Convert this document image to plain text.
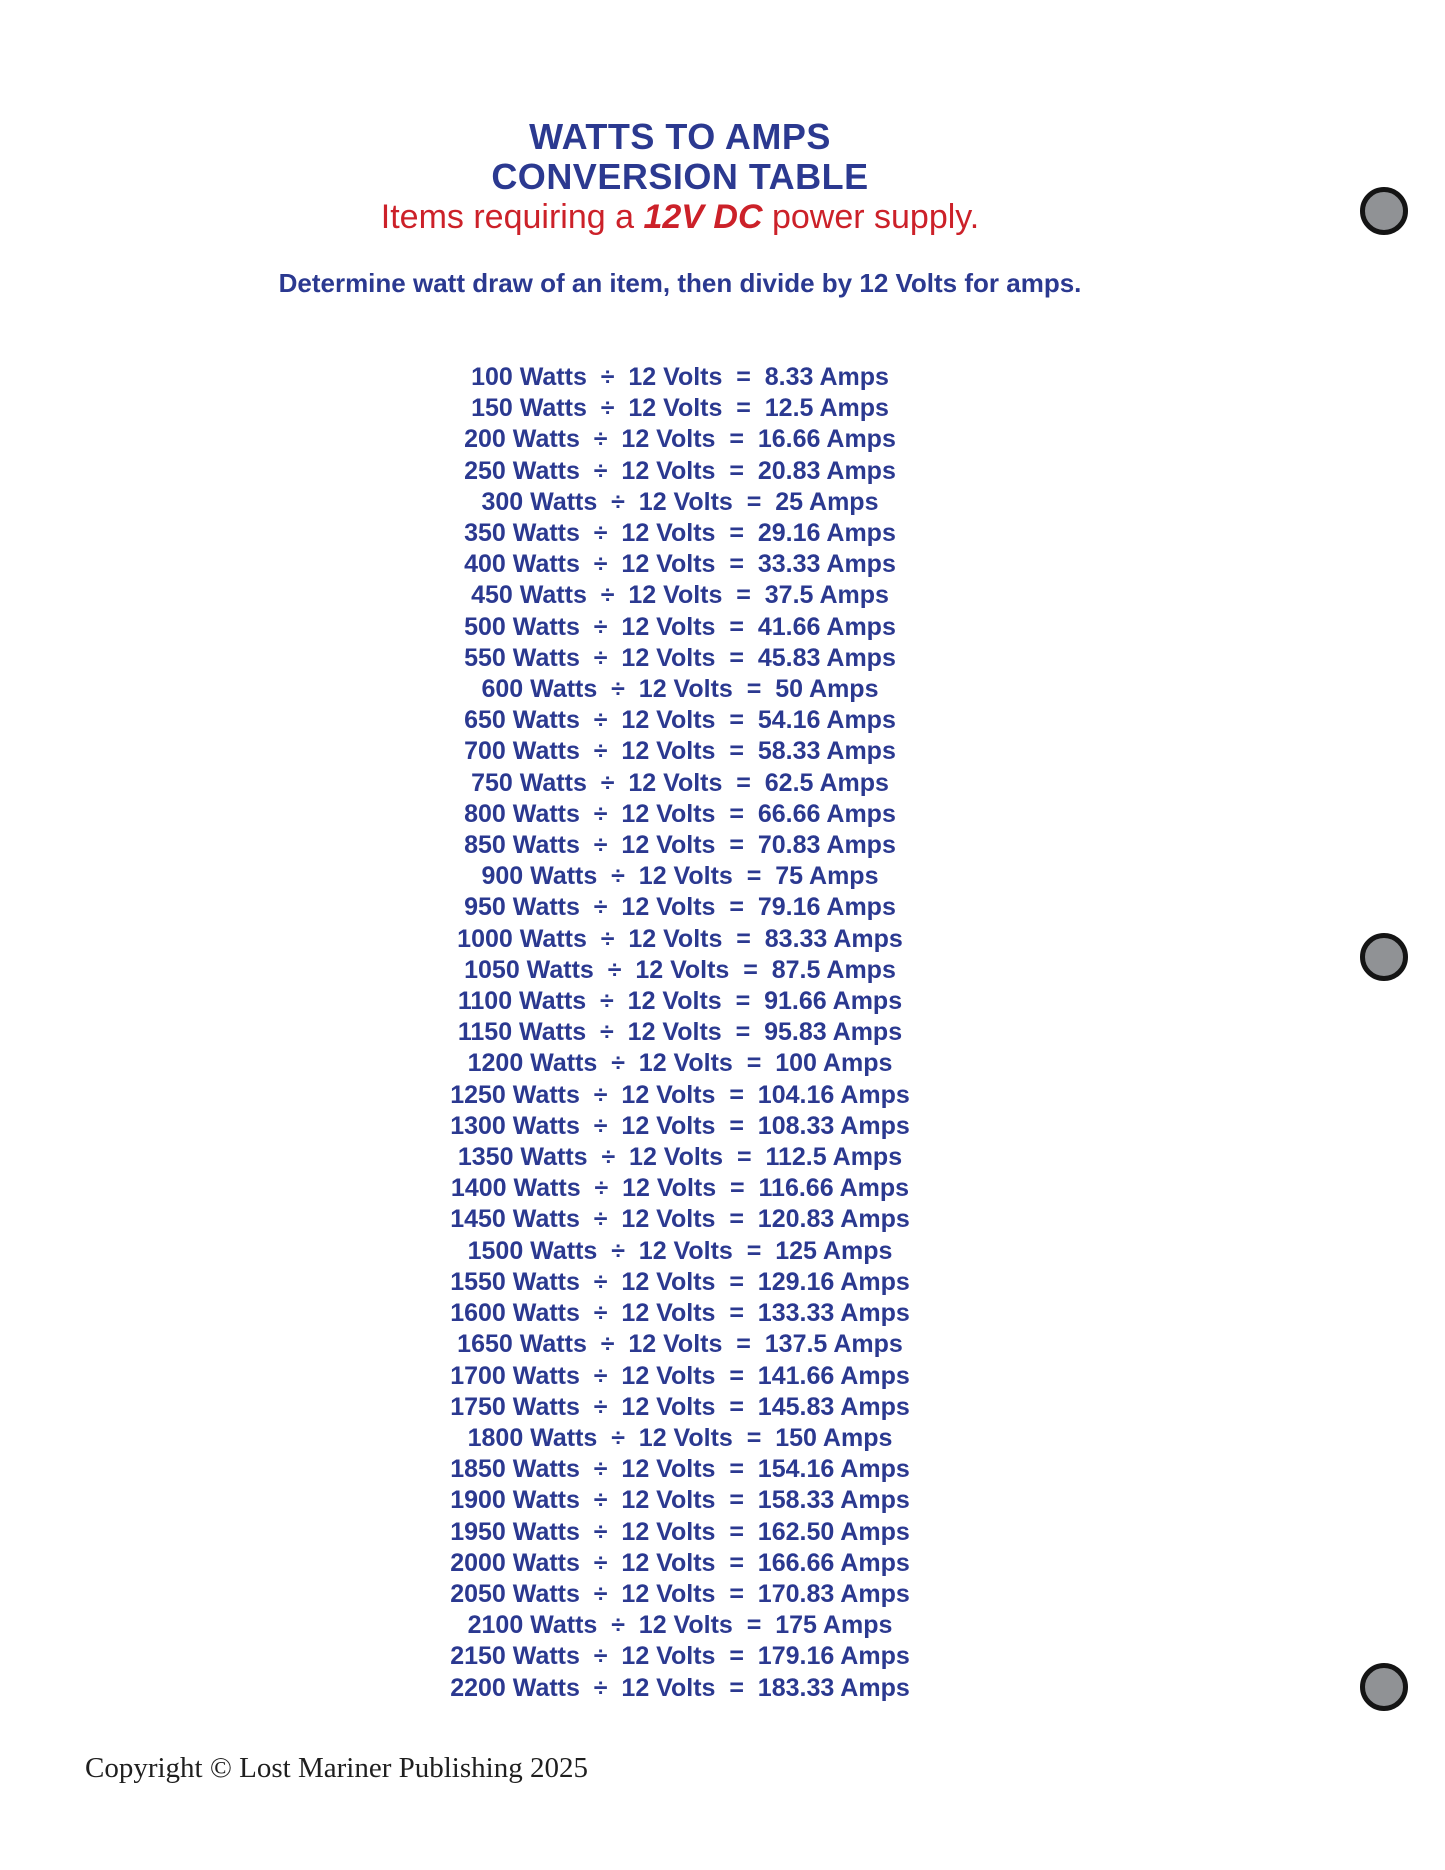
WATTS TO AMPS
CONVERSION TABLE
Items requiring a 12V DC power supply.
Determine watt draw of an item, then divide by 12 Volts for amps.
100 Watts  ÷  12 Volts  =  8.33 Amps
150 Watts  ÷  12 Volts  =  12.5 Amps
200 Watts  ÷  12 Volts  =  16.66 Amps
250 Watts  ÷  12 Volts  =  20.83 Amps
300 Watts  ÷  12 Volts  =  25 Amps
350 Watts  ÷  12 Volts  =  29.16 Amps
400 Watts  ÷  12 Volts  =  33.33 Amps
450 Watts  ÷  12 Volts  =  37.5 Amps
500 Watts  ÷  12 Volts  =  41.66 Amps
550 Watts  ÷  12 Volts  =  45.83 Amps
600 Watts  ÷  12 Volts  =  50 Amps
650 Watts  ÷  12 Volts  =  54.16 Amps
700 Watts  ÷  12 Volts  =  58.33 Amps
750 Watts  ÷  12 Volts  =  62.5 Amps
800 Watts  ÷  12 Volts  =  66.66 Amps
850 Watts  ÷  12 Volts  =  70.83 Amps
900 Watts  ÷  12 Volts  =  75 Amps
950 Watts  ÷  12 Volts  =  79.16 Amps
1000 Watts  ÷  12 Volts  =  83.33 Amps
1050 Watts  ÷  12 Volts  =  87.5 Amps
1100 Watts  ÷  12 Volts  =  91.66 Amps
1150 Watts  ÷  12 Volts  =  95.83 Amps
1200 Watts  ÷  12 Volts  =  100 Amps
1250 Watts  ÷  12 Volts  =  104.16 Amps
1300 Watts  ÷  12 Volts  =  108.33 Amps
1350 Watts  ÷  12 Volts  =  112.5 Amps
1400 Watts  ÷  12 Volts  =  116.66 Amps
1450 Watts  ÷  12 Volts  =  120.83 Amps
1500 Watts  ÷  12 Volts  =  125 Amps
1550 Watts  ÷  12 Volts  =  129.16 Amps
1600 Watts  ÷  12 Volts  =  133.33 Amps
1650 Watts  ÷  12 Volts  =  137.5 Amps
1700 Watts  ÷  12 Volts  =  141.66 Amps
1750 Watts  ÷  12 Volts  =  145.83 Amps
1800 Watts  ÷  12 Volts  =  150 Amps
1850 Watts  ÷  12 Volts  =  154.16 Amps
1900 Watts  ÷  12 Volts  =  158.33 Amps
1950 Watts  ÷  12 Volts  =  162.50 Amps
2000 Watts  ÷  12 Volts  =  166.66 Amps
2050 Watts  ÷  12 Volts  =  170.83 Amps
2100 Watts  ÷  12 Volts  =  175 Amps
2150 Watts  ÷  12 Volts  =  179.16 Amps
2200 Watts  ÷  12 Volts  =  183.33 Amps
Copyright © Lost Mariner Publishing 2025
